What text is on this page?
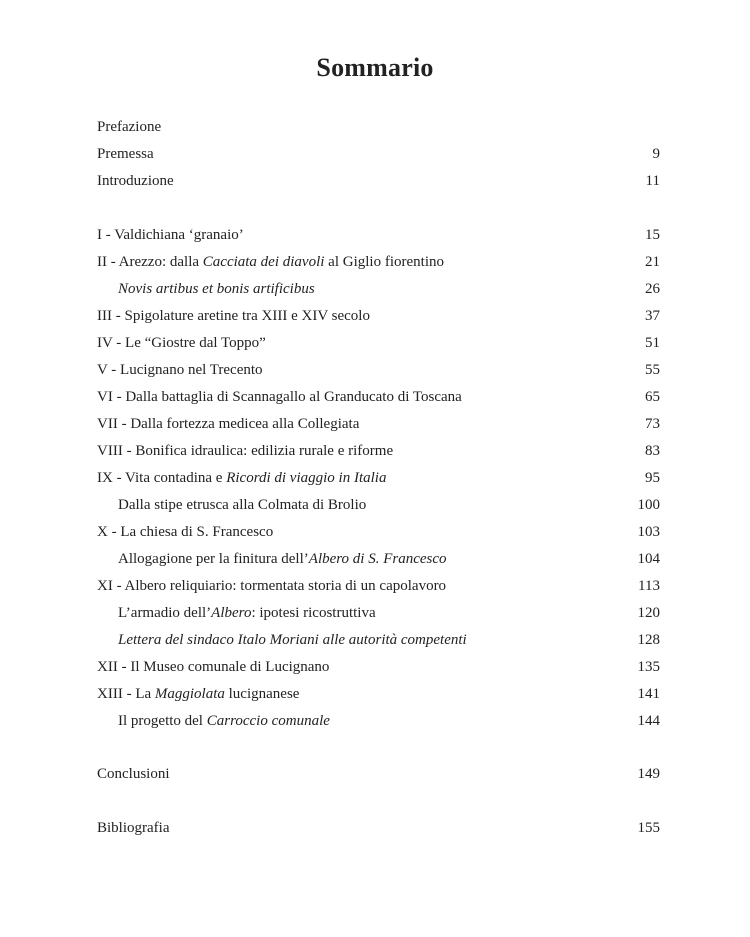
Sommario
Prefazione
Premessa	9
Introduzione	11
I - Valdichiana ‘granaio’	15
II - Arezzo: dalla Cacciata dei diavoli al Giglio fiorentino	21
Novis artibus et bonis artificibus	26
III - Spigolature aretine tra XIII e XIV secolo	37
IV - Le “Giostre dal Toppo”	51
V - Lucignano nel Trecento	55
VI - Dalla battaglia di Scannagallo al Granducato di Toscana	65
VII - Dalla fortezza medicea alla Collegiata	73
VIII - Bonifica idraulica: edilizia rurale e riforme	83
IX - Vita contadina e Ricordi di viaggio in Italia	95
Dalla stipe etrusca alla Colmata di Brolio	100
X - La chiesa di S. Francesco	103
Allogagione per la finitura dell’Albero di S. Francesco	104
XI - Albero reliquiario: tormentata storia di un capolavoro	113
L’armadio dell’Albero: ipotesi ricostruttiva	120
Lettera del sindaco Italo Moriani alle autorità competenti	128
XII - Il Museo comunale di Lucignano	135
XIII - La Maggiolata lucignanese	141
Il progetto del Carroccio comunale	144
Conclusioni	149
Bibliografia	155
